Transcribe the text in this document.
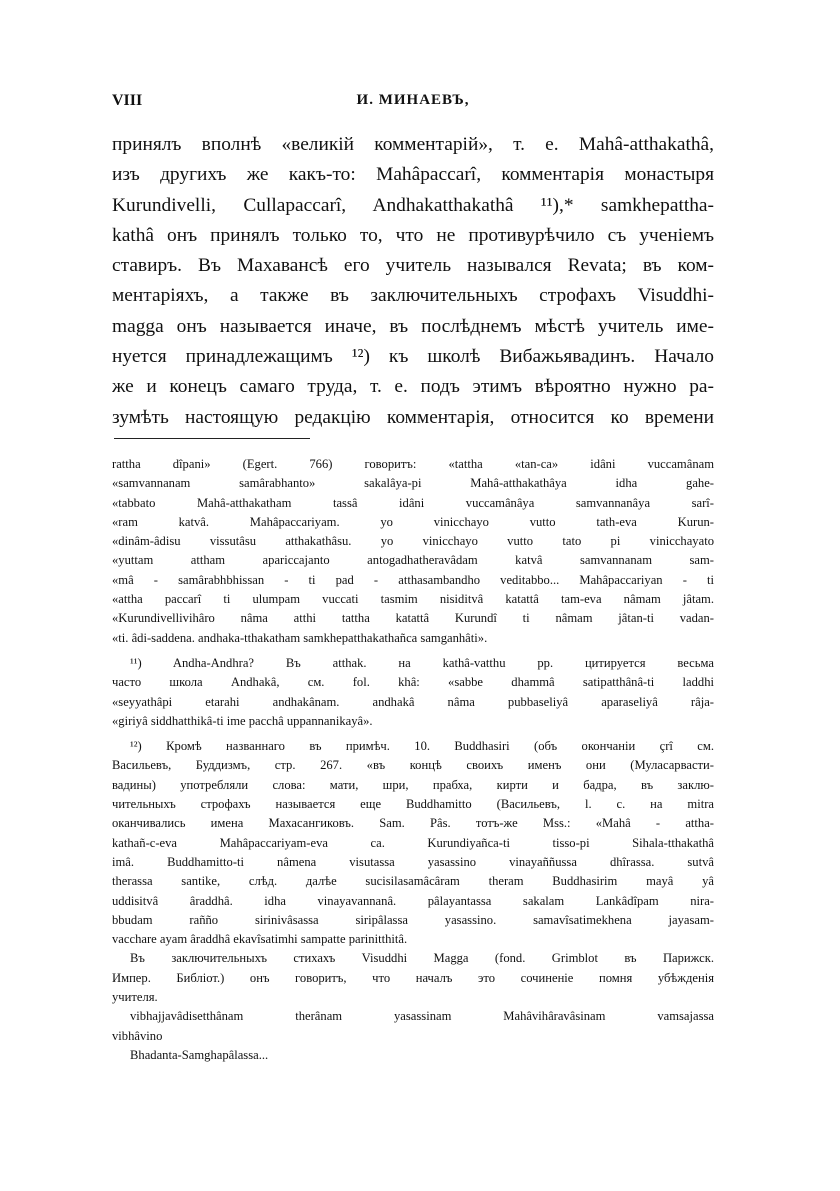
VIII	И. МИНАЕВЪ,
принялъ вполнѣ «великій комментарій», т. е. Mahâ-atthakathâ,
изъ другихъ же какъ-то: Mahâpaccarî, комментарія монастыря
Kurundivelli, Cullapaccarî, Andhakatthakathâ ¹¹),* samkhepattha-
kathâ онъ принялъ только то, что не противурѣчило съ ученіемъ
ставиръ. Въ Махавансѣ его учитель назывался Revata; въ ком-
ментаріяхъ, а также въ заключительныхъ строфахъ Visuddhi-
magga онъ называется иначе, въ послѣднемъ мѣстѣ учитель име-
нуется принадлежащимъ ¹²) къ школѣ Вибажьявадинъ. Начало
же и конецъ самаго труда, т. е. подъ этимъ вѣроятно нужно ра-
зумѣть настоящую редакцію комментарія, относится ко времени
rattha dîpani» (Egert. 766) говоритъ: «tattha «tan-ca» idâni vuccamânam
«samvannanam samârabhanto» sakalâya-pi Mahâ-atthakathâya idha gahe-
«tabbato Mahâ-atthakatham tassâ idâni vuccamânâya samvannanâya sarî-
«ram katvâ. Mahâpaccariyam. yo vinicchayo vutto tath-eva Kurun-
«dinâm-âdisu vissutâsu atthakathâsu. yo vinicchayo vutto tato pi vinicchayato
«yuttam attham apariccajanto antogadhatheravâdam katvâ samvannanam sam-
«mâ - samârabhbhissan - ti pad - atthasambandho veditabbo... Mahâpaccariyan - ti
«attha paccarî ti ulumpam vuccati tasmim nisiditvâ katattâ tam-eva nâmam jâtam.
«Kurundivellivihâro nâma atthi tattha katattâ Kurundî ti nâmam jâtan-ti vadan-
«ti. âdi-saddena. andhaka-tthakatham samkhepatthakathañca samganhâti».
¹¹) Andha-Andhra? Въ atthak. на kathâ-vatthu pp. цитируется весьма
часто школа Andhakâ, см. fol. khâ: «sabbe dhammâ satipatthânâ-ti laddhi
«seyyathâpi etarahi andhakânam. andhakâ nâma pubbaseliyâ aparaseliyâ râja-
«giriyâ siddhatthikâ-ti ime pacchâ uppannanikayâ».
¹²) Кромѣ названнаго въ примѣч. 10. Buddhasiri (объ окончаніи çrî см.
Васильевъ, Буддизмъ, стр. 267. «въ концѣ своихъ именъ они (Муласарвасти-
вадины) употребляли слова: мати, шри, прабха, кирти и бадра, въ заклю-
чительныхъ строфахъ называется еще Buddhamitto (Васильевъ, l. c. на mitra
оканчивались имена Махасангиковъ. Sam. Pâs. тотъ-же Mss.: «Mahâ - attha-
kathañ-c-eva Mahâpaccariyam-eva ca. Kurundiyañca-ti tisso-pi Sihala-tthakathâ
imâ. Buddhamitto-ti nâmena visutassa yasassino vinayaññussa dhîrassa. sutvâ
therassa santike, слѣд. далѣе sucisilasamâcâram theram Buddhasirim mayâ yâ
uddisitvâ âraddhâ. idha vinayavannanâ. pâlayantassa sakalam Lankâdîpam nira-
bbudam rañño sirinivâsassa siripâlassa yasassino. samavîsatimekhena jayasam-
vacchare ayam âraddhâ ekavîsatimhi sampatte parinitthitâ.
Въ заключительныхъ стихахъ Visuddhi Magga (fond. Grimblot въ Парижск.
Импер. Библіот.) онъ говоритъ, что началъ это сочиненіе помня убѣжденія
учителя.
vibhajjavâdisetthânam therânam yasassinam Mahâvihâravâsinam vamsajassa
vibhâvino
Bhadanta-Samghapâlassa...
